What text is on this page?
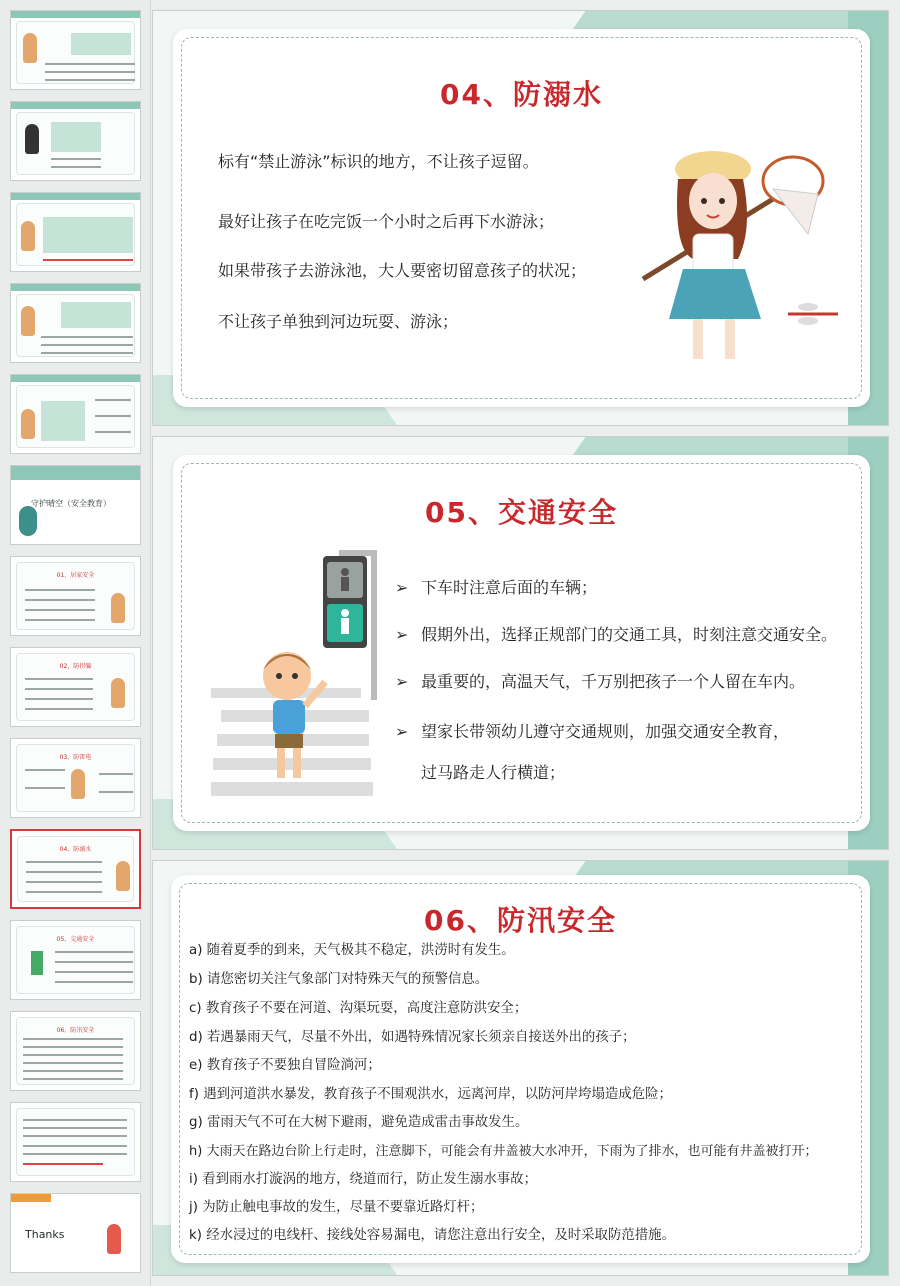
守护晴空（安全教育）
01、居家安全
02、防拐骗
03、防雷电
04、防溺水
05、交通安全
06、防汛安全
Thanks
04、防溺水
标有“禁止游泳”标识的地方，不让孩子逗留。
最好让孩子在吃完饭一个小时之后再下水游泳；
如果带孩子去游泳池，大人要密切留意孩子的状况；
不让孩子单独到河边玩耍、游泳；
05、交通安全
➢ 下车时注意后面的车辆；
➢ 假期外出，选择正规部门的交通工具，时刻注意交通安全。
➢ 最重要的，高温天气，千万别把孩子一个人留在车内。
➢ 望家长带领幼儿遵守交通规则，加强交通安全教育，
过马路走人行横道；
06、防汛安全
a) 随着夏季的到来，天气极其不稳定，洪涝时有发生。
b) 请您密切关注气象部门对特殊天气的预警信息。
c) 教育孩子不要在河道、沟渠玩耍，高度注意防洪安全；
d) 若遇暴雨天气，尽量不外出，如遇特殊情况家长须亲自接送外出的孩子；
e) 教育孩子不要独自冒险淌河；
f) 遇到河道洪水暴发，教育孩子不围观洪水，远离河岸，以防河岸垮塌造成危险；
g) 雷雨天气不可在大树下避雨，避免造成雷击事故发生。
h) 大雨天在路边台阶上行走时，注意脚下，可能会有井盖被大水冲开，下雨为了排水，也可能有井盖被打开；
i) 看到雨水打漩涡的地方，绕道而行，防止发生溺水事故；
j) 为防止触电事故的发生，尽量不要靠近路灯杆；
k) 经水浸过的电线杆、接线处容易漏电，请您注意出行安全，及时采取防范措施。
